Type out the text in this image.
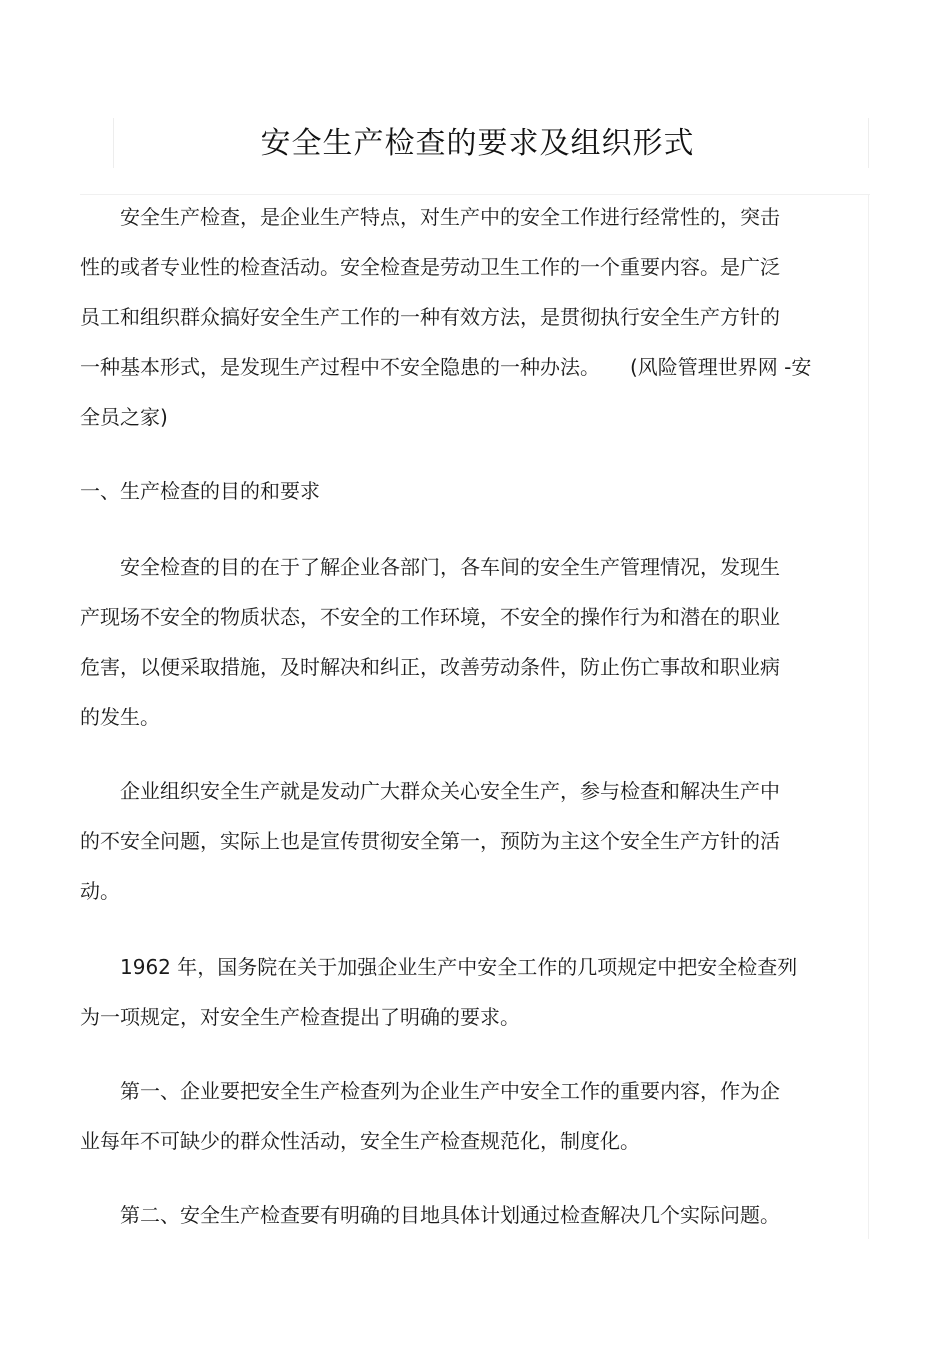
安全生产检查的要求及组织形式

安全生产检查，是企业生产特点，对生产中的安全工作进行经常性的，突击
性的或者专业性的检查活动。安全检查是劳动卫生工作的一个重要内容。是广泛
员工和组织群众搞好安全生产工作的一种有效方法，是贯彻执行安全生产方针的
一种基本形式，是发现生产过程中不安全隐患的一种办法。　　(风险管理世界网 -安
全员之家)

一、生产检查的目的和要求

安全检查的目的在于了解企业各部门，各车间的安全生产管理情况，发现生
产现场不安全的物质状态，不安全的工作环境，不安全的操作行为和潜在的职业
危害，以便采取措施，及时解决和纠正，改善劳动条件，防止伤亡事故和职业病
的发生。

企业组织安全生产就是发动广大群众关心安全生产，参与检查和解决生产中
的不安全问题，实际上也是宣传贯彻安全第一，预防为主这个安全生产方针的活
动。

1962 年，国务院在关于加强企业生产中安全工作的几项规定中把安全检查列
为一项规定，对安全生产检查提出了明确的要求。

第一、企业要把安全生产检查列为企业生产中安全工作的重要内容，作为企
业每年不可缺少的群众性活动，安全生产检查规范化，制度化。

第二、安全生产检查要有明确的目地具体计划通过检查解决几个实际问题。
